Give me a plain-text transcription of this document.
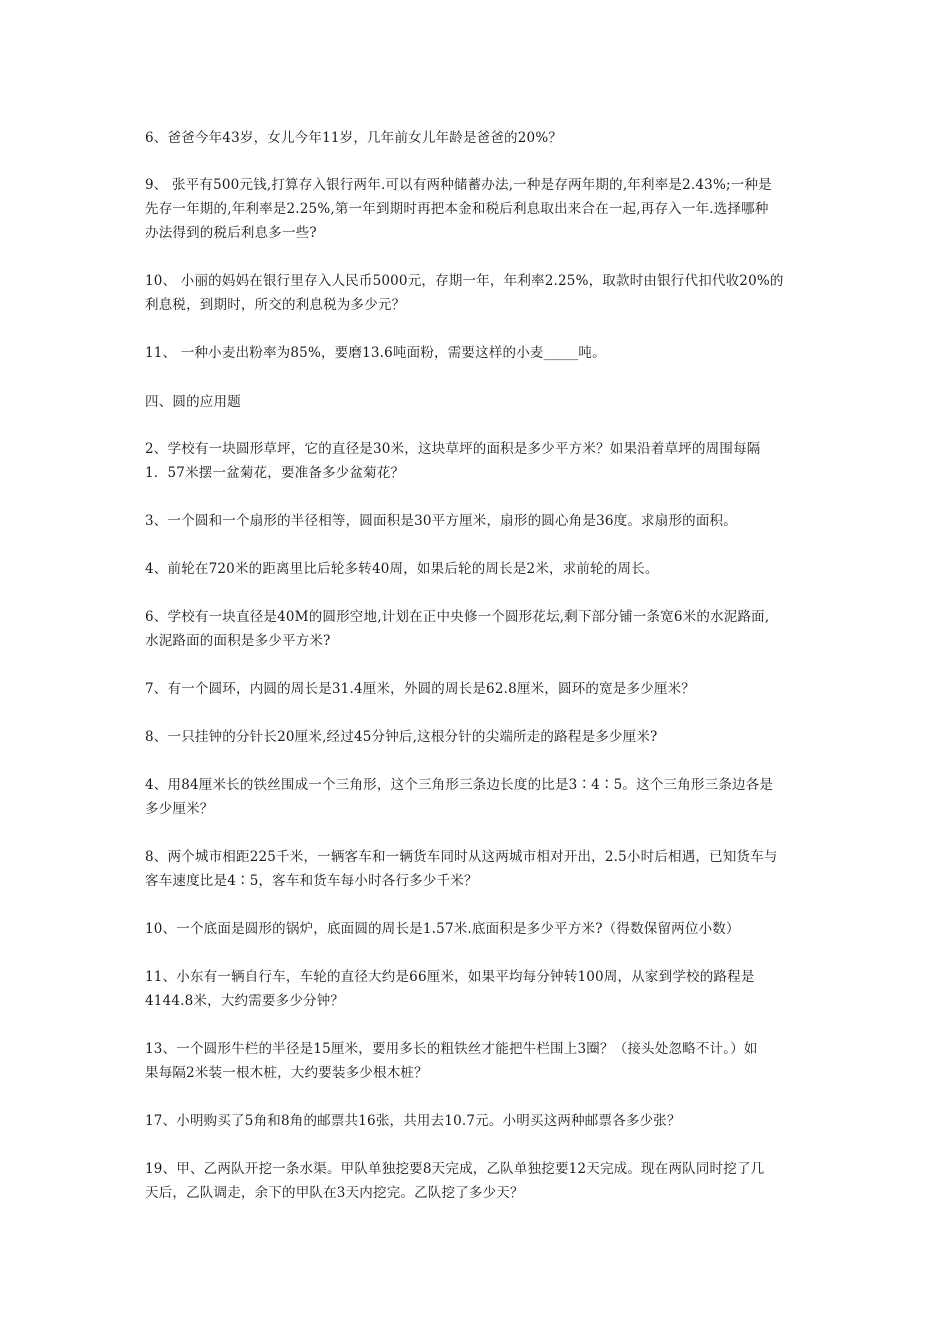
6、爸爸今年43岁，女儿今年11岁，几年前女儿年龄是爸爸的20%？
9、 张平有500元钱,打算存入银行两年.可以有两种储蓄办法,一种是存两年期的,年利率是2.43%;一种是
先存一年期的,年利率是2.25%,第一年到期时再把本金和税后利息取出来合在一起,再存入一年.选择哪种
办法得到的税后利息多一些?
10、 小丽的妈妈在银行里存入人民币5000元，存期一年，年利率2.25%，取款时由银行代扣代收20%的
利息税，到期时，所交的利息税为多少元？
11、 一种小麦出粉率为85%，要磨13.6吨面粉，需要这样的小麦_____吨。
四、圆的应用题
2、学校有一块圆形草坪，它的直径是30米，这块草坪的面积是多少平方米？如果沿着草坪的周围每隔
1．57米摆一盆菊花，要准备多少盆菊花？
3、一个圆和一个扇形的半径相等，圆面积是30平方厘米，扇形的圆心角是36度。求扇形的面积。
4、前轮在720米的距离里比后轮多转40周，如果后轮的周长是2米，求前轮的周长。
6、学校有一块直径是40M的圆形空地,计划在正中央修一个圆形花坛,剩下部分铺一条宽6米的水泥路面,
水泥路面的面积是多少平方米?
7、有一个圆环，内圆的周长是31.4厘米，外圆的周长是62.8厘米，圆环的宽是多少厘米？
8、一只挂钟的分针长20厘米,经过45分钟后,这根分针的尖端所走的路程是多少厘米?
4、用84厘米长的铁丝围成一个三角形，这个三角形三条边长度的比是3∶4∶5。这个三角形三条边各是
多少厘米？
8、两个城市相距225千米，一辆客车和一辆货车同时从这两城市相对开出，2.5小时后相遇，已知货车与
客车速度比是4∶5，客车和货车每小时各行多少千米？
10、一个底面是圆形的锅炉，底面圆的周长是1.57米.底面积是多少平方米?（得数保留两位小数）
11、小东有一辆自行车，车轮的直径大约是66厘米，如果平均每分钟转100周，从家到学校的路程是
4144.8米，大约需要多少分钟？
13、一个圆形牛栏的半径是15厘米，要用多长的粗铁丝才能把牛栏围上3圈？（接头处忽略不计。）如
果每隔2米装一根木桩，大约要装多少根木桩？
17、小明购买了5角和8角的邮票共16张，共用去10.7元。小明买这两种邮票各多少张？
19、甲、乙两队开挖一条水渠。甲队单独挖要8天完成，乙队单独挖要12天完成。现在两队同时挖了几
天后，乙队调走，余下的甲队在3天内挖完。乙队挖了多少天？
